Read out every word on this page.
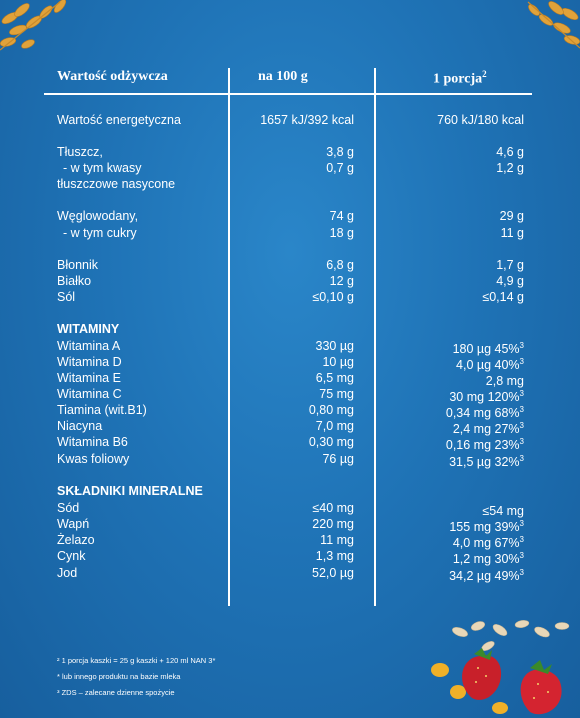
Wartość odżywcza	na 100 g	1 porcja$^2$
Wartość energetyczna	1657 kJ/392 kcal	760 kJ/180 kcal
Tłuszcz,	3,8 g	4,6 g
- w tym kwasy	0,7 g	1,2 g
tłuszczowe nasycone
Węglowodany,	74 g	29 g
- w tym cukry	18 g	11 g
Błonnik	6,8 g	1,7 g
Białko	12 g	4,9 g
Sól	≤0,10 g	≤0,14 g
WITAMINY
Witamina A	330 µg	180 µg 45%$^3$
Witamina D	10 µg	4,0 µg 40%$^3$
Witamina E	6,5 mg	2,8 mg
Witamina C	75 mg	30 mg 120%$^3$
Tiamina (wit.B1)	0,80 mg	0,34 mg 68%$^3$
Niacyna	7,0 mg	2,4 mg 27%$^3$
Witamina B6	0,30 mg	0,16 mg 23%$^3$
Kwas foliowy	76 µg	31,5 µg 32%$^3$
SKŁADNIKI MINERALNE
Sód	≤40 mg	≤54 mg
Wapń	220 mg	155 mg 39%$^3$
Żelazo	11 mg	4,0 mg 67%$^3$
Cynk	1,3 mg	1,2 mg 30%$^3$
Jod	52,0 µg	34,2 µg 49%$^3$
² 1 porcja kaszki = 25 g kaszki + 120 ml NAN 3*
* lub innego produktu na bazie mleka
³ ZDS – zalecane dzienne spożycie
